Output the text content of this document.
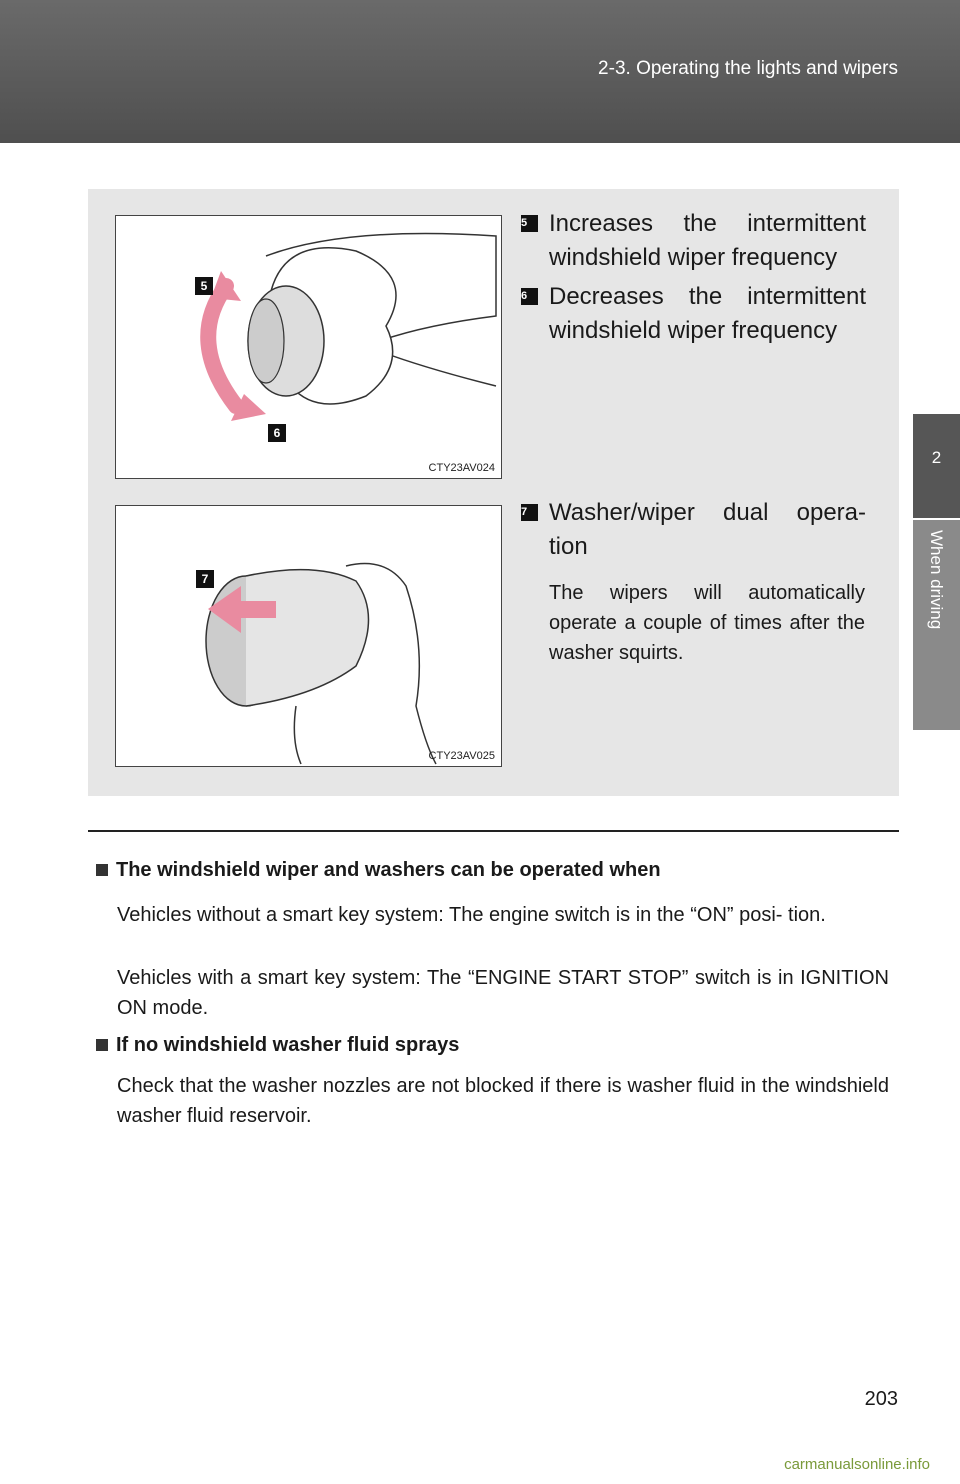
2-3. Operating the lights and wipers
2
When driving
5
6
CTY23AV024
7
CTY23AV025
5 Increases the intermittent windshield wiper frequency
6 Decreases the intermittent windshield wiper frequency
7 Washer/wiper dual opera- tion
The wipers will automatically operate a couple of times after the washer squirts.
The windshield wiper and washers can be operated when
Vehicles without a smart key system: The engine switch is in the “ON” posi- tion.
Vehicles with a smart key system: The “ENGINE START STOP” switch is in IGNITION ON mode.
If no windshield washer fluid sprays
Check that the washer nozzles are not blocked if there is washer fluid in the windshield washer fluid reservoir.
203
carmanualsonline.info
